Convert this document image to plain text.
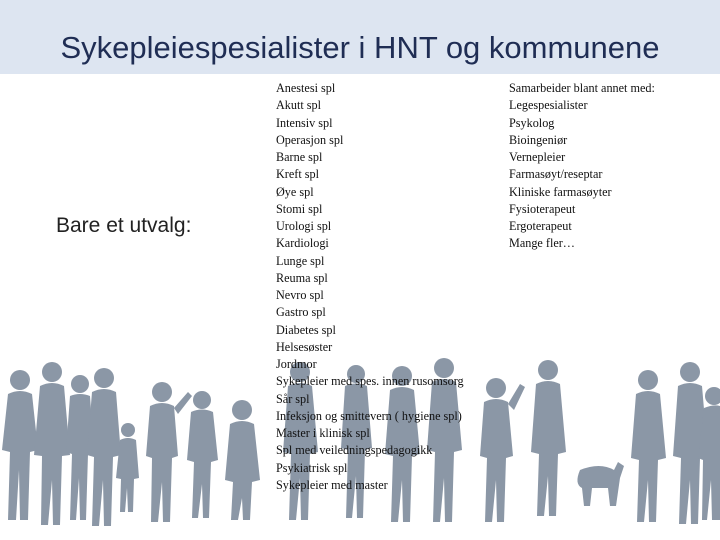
Sykepleiespesialister i HNT og kommunene
Bare et utvalg:
Anestesi spl
Akutt spl
Intensiv spl
Operasjon spl
Barne spl
Kreft spl
Øye spl
Stomi spl
Urologi spl
Kardiologi
Lunge spl
Reuma spl
Nevro spl
Gastro spl
Diabetes spl
Helsesøster
Jordmor
Sykepleier med spes. innen rusomsorg
Sår spl
Infeksjon og smittevern ( hygiene spl)
Master i klinisk spl
Spl med veiledningspedagogikk
Psykiatrisk spl
Sykepleier med master
Samarbeider blant annet med:
Legespesialister
Psykolog
Bioingeniør
Vernepleier
Farmasøyt/reseptar
Kliniske farmasøyter
Fysioterapeut
Ergoterapeut
Mange fler…
